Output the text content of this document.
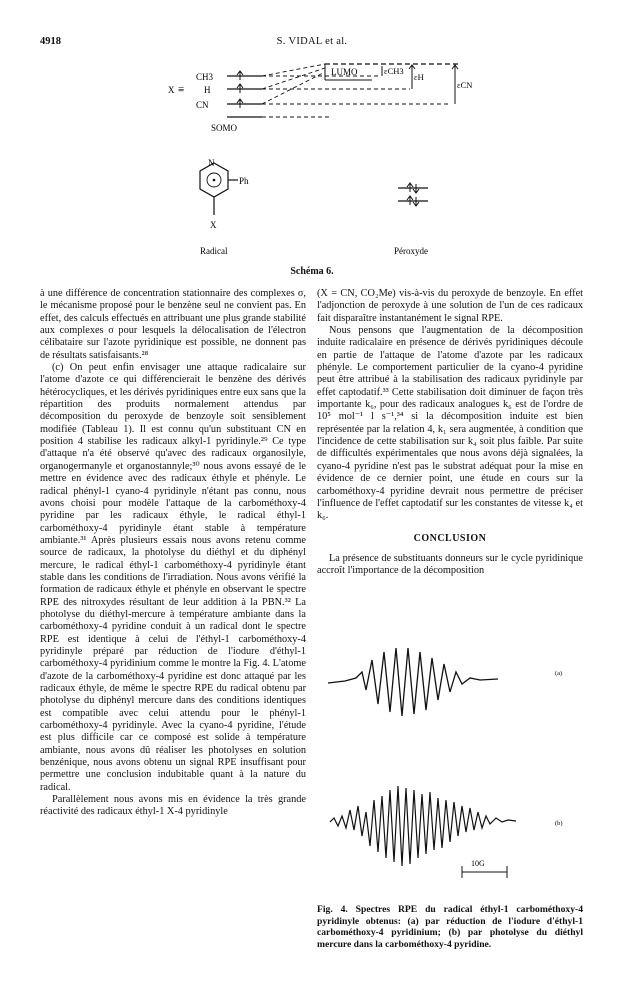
4918	S. VIDAL et al.
CH3
H
X ≡
CN
SOMO
LUMO	εCH3
εH
εCN
N
Ph
X
Radical	Péroxyde
Schéma 6.

à une différence de concentration stationnaire des complexes σ, le mécanisme proposé pour le benzène seul ne convient pas. En effet, des calculs effectués en attribuant une plus grande stabilité aux complexes σ pour lesquels la délocalisation de l'électron célibataire sur l'azote pyridinique est possible, ne donnent pas de résultats satisfaisants.²⁸

(c) On peut enfin envisager une attaque radicalaire sur l'atome d'azote ce qui différencierait le benzène des dérivés hétérocycliques, et les dérivés pyridiniques entre eux sans que la répartition des produits normalement attendus par décomposition du peroxyde de benzoyle soit sensiblement modifiée (Tableau 1). Il est connu qu'un substituant CN en position 4 stabilise les radicaux alkyl-1 pyridinyle.²⁹ Ce type d'attaque n'a été observé qu'avec des radicaux organosilyle, organogermanyle et organostannyle;³⁰ nous avons essayé de le mettre en évidence avec des radicaux éthyle et phényle. Le radical phényl-1 cyano-4 pyridinyle n'étant pas connu, nous avons choisi pour modèle l'attaque de la carbométhoxy-4 pyridine par les radicaux éthyle, le radical éthyl-1 carbométhoxy-4 pyridinyle étant stable à température ambiante.³¹ Après plusieurs essais nous avons retenu comme source de radicaux, la photolyse du diéthyl et du diphényl mercure, le radical éthyl-1 carbométhoxy-4 pyridinyle étant stable dans les conditions de l'irradiation. Nous avons vérifié la formation de radicaux éthyle et phényle en observant le spectre RPE des nitroxydes résultant de leur addition à la PBN.³² La photolyse du diéthyl-mercure à température ambiante dans la carbométhoxy-4 pyridine conduit à un radical dont le spectre RPE est identique à celui de l'éthyl-1 carbométhoxy-4 pyridinyle préparé par réduction de l'iodure d'éthyl-1 carbométhoxy-4 pyridinium comme le montre la Fig. 4. L'atome d'azote de la carbométhoxy-4 pyridine est donc attaqué par les radicaux éthyle, de même le spectre RPE du radical obtenu par photolyse du diphényl mercure dans des conditions identiques est compatible avec celui attendu pour le phényl-1 carbométhoxy-4 pyridinyle. Avec la cyano-4 pyridine, l'étude est plus difficile car ce composé est solide à température ambiante, nous avons dû réaliser les photolyses en solution benzénique, nous avons obtenu un signal RPE insuffisant pour permettre une conclusion indubitable quant à la nature du radical.

Parallèlement nous avons mis en évidence la très grande réactivité des radicaux éthyl-1 X-4 pyridinyle

(X = CN, CO₂Me) vis-à-vis du peroxyde de benzoyle. En effet l'adjonction de peroxyde à une solution de l'un de ces radicaux fait disparaître instantanément le signal RPE.

Nous pensons que l'augmentation de la décomposition induite radicalaire en présence de dérivés pyridiniques découle en partie de l'attaque de l'atome d'azote par les radicaux phényle. Le comportement particulier de la cyano-4 pyridine peut être attribué à la stabilisation des radicaux pyridinyle par effet captodatif.³³ Cette stabilisation doit diminuer de façon très importante k₆, pour des radicaux analogues k₆ est de l'ordre de 10⁵ mol⁻¹ l s⁻¹,³⁴ si la décomposition induite est bien représentée par la relation 4, k₁ sera augmentée, à condition que l'incidence de cette stabilisation sur k₄ soit plus faible. Par suite de difficultés expérimentales que nous avons déjà signalées, la cyano-4 pyridine n'est pas le substrat adéquat pour la mise en évidence de ce dernier point, une étude en cours sur la carbométhoxy-4 pyridine devrait nous permettre de préciser l'influence de l'effet captodatif sur les constantes de vitesse k₄ et k₆.

CONCLUSION

La présence de substituants donneurs sur le cycle pyridinique accroît l'importance de la décomposition

(a)
(b)
10G
Fig. 4. Spectres RPE du radical éthyl-1 carbométhoxy-4 pyridinyle obtenus: (a) par réduction de l'iodure d'éthyl-1 carbométhoxy-4 pyridinium; (b) par photolyse du diéthyl mercure dans la carbométhoxy-4 pyridine.
